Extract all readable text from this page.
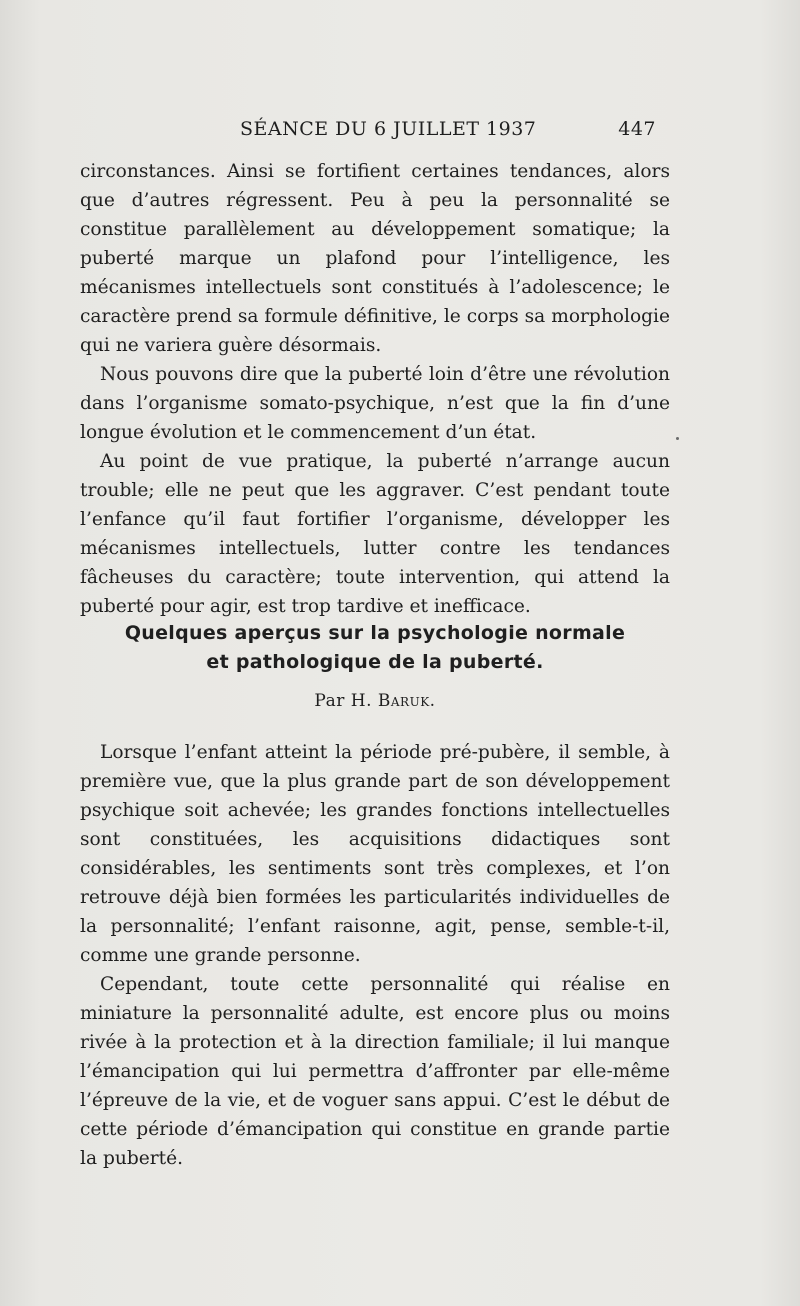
SÉANCE DU 6 JUILLET 1937	447

circonstances. Ainsi se fortifient certaines tendances, alors que d’autres régressent. Peu à peu la personnalité se constitue parallèlement au développement somatique; la puberté marque un plafond pour l’intelligence, les mécanismes intellectuels sont constitués à l’adolescence; le caractère prend sa formule définitive, le corps sa morphologie qui ne variera guère désormais.

Nous pouvons dire que la puberté loin d’être une révolution dans l’organisme somato-psychique, n’est que la fin d’une longue évolution et le commencement d’un état.

Au point de vue pratique, la puberté n’arrange aucun trouble; elle ne peut que les aggraver. C’est pendant toute l’enfance qu’il faut fortifier l’organisme, développer les mécanismes intellectuels, lutter contre les tendances fâcheuses du caractère; toute intervention, qui attend la puberté pour agir, est trop tardive et inefficace.

Quelques aperçus sur la psychologie normale
et pathologique de la puberté.
Par H. Baruk.

Lorsque l’enfant atteint la période pré-pubère, il semble, à première vue, que la plus grande part de son développement psychique soit achevée; les grandes fonctions intellectuelles sont constituées, les acquisitions didactiques sont considérables, les sentiments sont très complexes, et l’on retrouve déjà bien formées les particularités individuelles de la personnalité; l’enfant raisonne, agit, pense, semble-t-il, comme une grande personne.

Cependant, toute cette personnalité qui réalise en miniature la personnalité adulte, est encore plus ou moins rivée à la protection et à la direction familiale; il lui manque l’émancipation qui lui permettra d’affronter par elle-même l’épreuve de la vie, et de voguer sans appui. C’est le début de cette période d’émancipation qui constitue en grande partie la puberté.
